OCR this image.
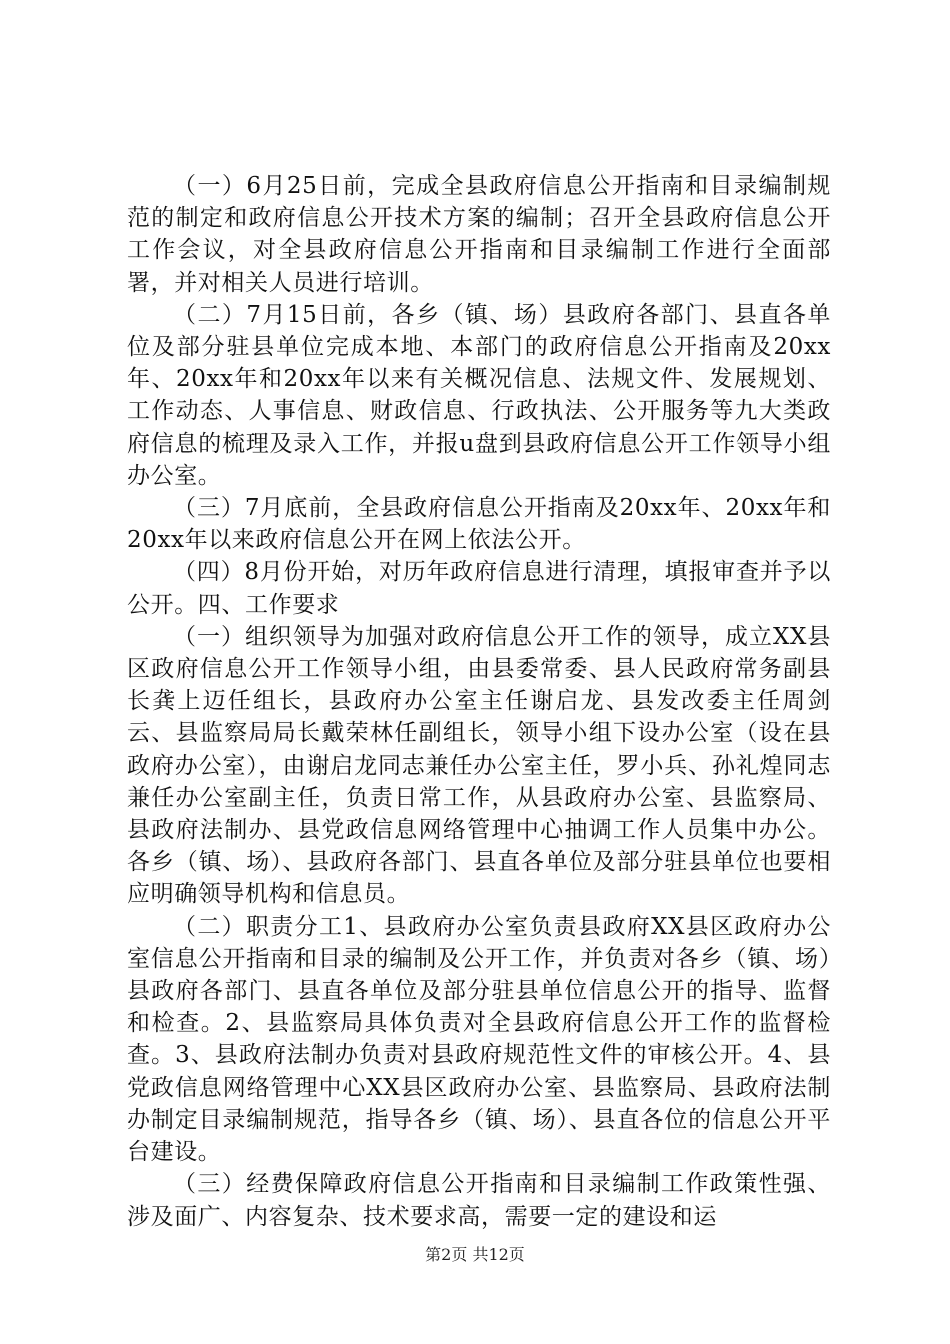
（一）6月25日前，完成全县政府信息公开指南和目录编制规范的制定和政府信息公开技术方案的编制；召开全县政府信息公开工作会议，对全县政府信息公开指南和目录编制工作进行全面部署，并对相关人员进行培训。

（二）7月15日前，各乡（镇、场）县政府各部门、县直各单位及部分驻县单位完成本地、本部门的政府信息公开指南及20xx年、20xx年和20xx年以来有关概况信息、法规文件、发展规划、工作动态、人事信息、财政信息、行政执法、公开服务等九大类政府信息的梳理及录入工作，并报u盘到县政府信息公开工作领导小组办公室。

（三）7月底前，全县政府信息公开指南及20xx年、20xx年和20xx年以来政府信息公开在网上依法公开。

（四）8月份开始，对历年政府信息进行清理，填报审查并予以公开。四、工作要求

（一）组织领导为加强对政府信息公开工作的领导，成立XX县区政府信息公开工作领导小组，由县委常委、县人民政府常务副县长龚上迈任组长，县政府办公室主任谢启龙、县发改委主任周剑云、县监察局局长戴荣林任副组长，领导小组下设办公室（设在县政府办公室），由谢启龙同志兼任办公室主任，罗小兵、孙礼煌同志兼任办公室副主任，负责日常工作，从县政府办公室、县监察局、县政府法制办、县党政信息网络管理中心抽调工作人员集中办公。各乡（镇、场）、县政府各部门、县直各单位及部分驻县单位也要相应明确领导机构和信息员。

（二）职责分工1、县政府办公室负责县政府XX县区政府办公室信息公开指南和目录的编制及公开工作，并负责对各乡（镇、场）县政府各部门、县直各单位及部分驻县单位信息公开的指导、监督和检查。2、县监察局具体负责对全县政府信息公开工作的监督检查。3、县政府法制办负责对县政府规范性文件的审核公开。4、县党政信息网络管理中心XX县区政府办公室、县监察局、县政府法制办制定目录编制规范，指导各乡（镇、场）、县直各位的信息公开平台建设。

（三）经费保障政府信息公开指南和目录编制工作政策性强、涉及面广、内容复杂、技术要求高，需要一定的建设和运

第2页 共12页
